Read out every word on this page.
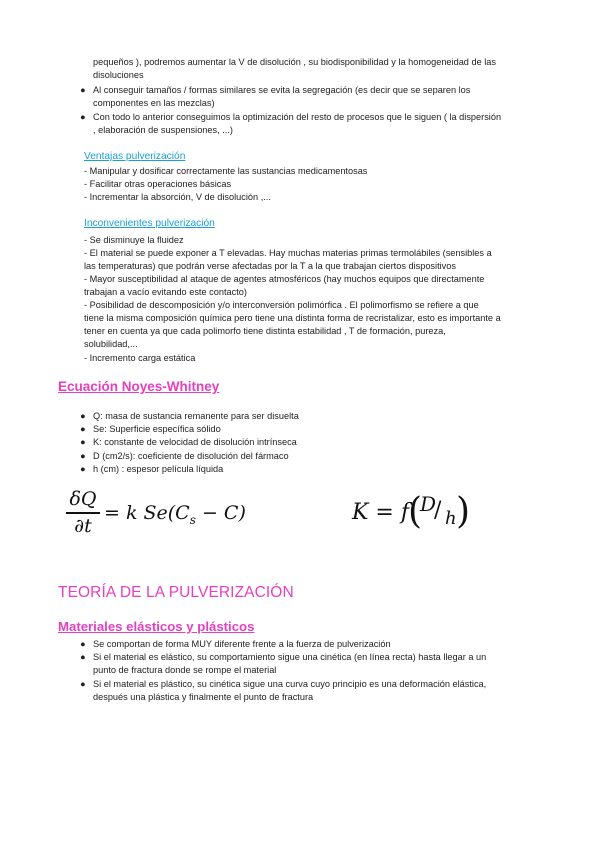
pequeños ), podremos aumentar la V de disolución , su biodisponibilidad y la homogeneidad de las
disoluciones
● Al conseguir tamaños / formas similares se evita la segregación (es decir que se separen los
componentes en las mezclas)
● Con todo lo anterior conseguimos la optimización del resto de procesos que le siguen ( la dispersión
, elaboración de suspensiones, ...)
Ventajas pulverización
- Manipular y dosificar correctamente las sustancias medicamentosas
- Facilitar otras operaciones básicas
- Incrementar la absorción, V de disolución ,...
Inconvenientes pulverización
- Se disminuye la fluidez
- El material se puede exponer a T elevadas. Hay muchas materias primas termolábiles (sensibles a
las temperaturas) que podrán verse afectadas por la T a la que trabajan ciertos dispositivos
- Mayor susceptibilidad al ataque de agentes atmosféricos (hay muchos equipos que directamente
trabajan a vacío evitando este contacto)
- Posibilidad de descomposición y/o interconversión polimórfica . El polimorfismo se refiere a que
tiene la misma composición química pero tiene una distinta forma de recristalizar, esto es importante a
tener en cuenta ya que cada polimorfo tiene distinta estabilidad , T de formación, pureza,
solubilidad,...
- Incremento carga estática
Ecuación Noyes-Whitney
● Q: masa de sustancia remanente para ser disuelta
● Se: Superficie específica sólido
● K: constante de velocidad de disolución intrínseca
● D (cm2/s): coeficiente de disolución del fármaco
● h (cm) : espesor película líquida
δQ
∂t
= k $Se(C_s - C)$	K = f (
D
/ h )
TEORÍA DE LA PULVERIZACIÓN
Materiales elásticos y plásticos
● Se comportan de forma MUY diferente frente a la fuerza de pulverización
● Si el material es elástico, su comportamiento sigue una cinética (en línea recta) hasta llegar a un
punto de fractura donde se rompe el material
● Si el material es plástico, su cinética sigue una curva cuyo principio es una deformación elástica,
después una plástica y finalmente el punto de fractura
